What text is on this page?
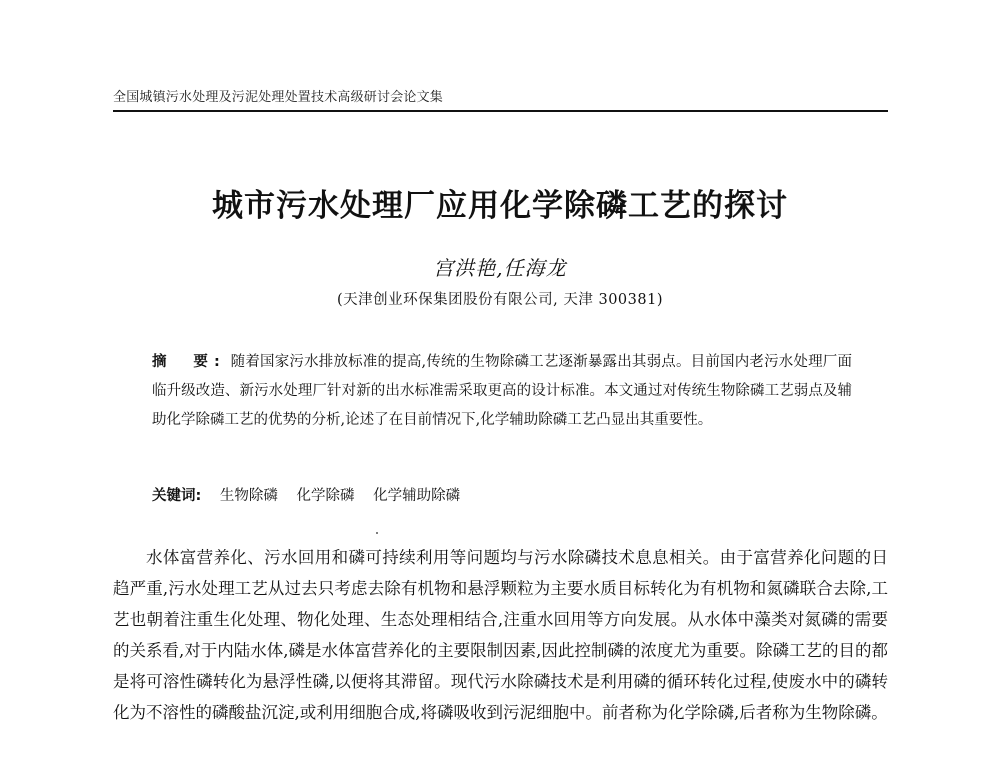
全国城镇污水处理及污泥处理处置技术高级研讨会论文集
城市污水处理厂应用化学除磷工艺的探讨
宫洪艳,任海龙
(天津创业环保集团股份有限公司, 天津 300381)
摘　要: 随着国家污水排放标准的提高,传统的生物除磷工艺逐渐暴露出其弱点。目前国内老污水处理厂面临升级改造、新污水处理厂针对新的出水标准需采取更高的设计标准。本文通过对传统生物除磷工艺弱点及辅助化学除磷工艺的优势的分析,论述了在目前情况下,化学辅助除磷工艺凸显出其重要性。
关键词: 生物除磷 化学除磷 化学辅助除磷
水体富营养化、污水回用和磷可持续利用等问题均与污水除磷技术息息相关。由于富营养化问题的日趋严重,污水处理工艺从过去只考虑去除有机物和悬浮颗粒为主要水质目标转化为有机物和氮磷联合去除,工艺也朝着注重生化处理、物化处理、生态处理相结合,注重水回用等方向发展。从水体中藻类对氮磷的需要的关系看,对于内陆水体,磷是水体富营养化的主要限制因素,因此控制磷的浓度尤为重要。除磷工艺的目的都是将可溶性磷转化为悬浮性磷,以便将其滞留。现代污水除磷技术是利用磷的循环转化过程,使废水中的磷转化为不溶性的磷酸盐沉淀,或利用细胞合成,将磷吸收到污泥细胞中。前者称为化学除磷,后者称为生物除磷。
